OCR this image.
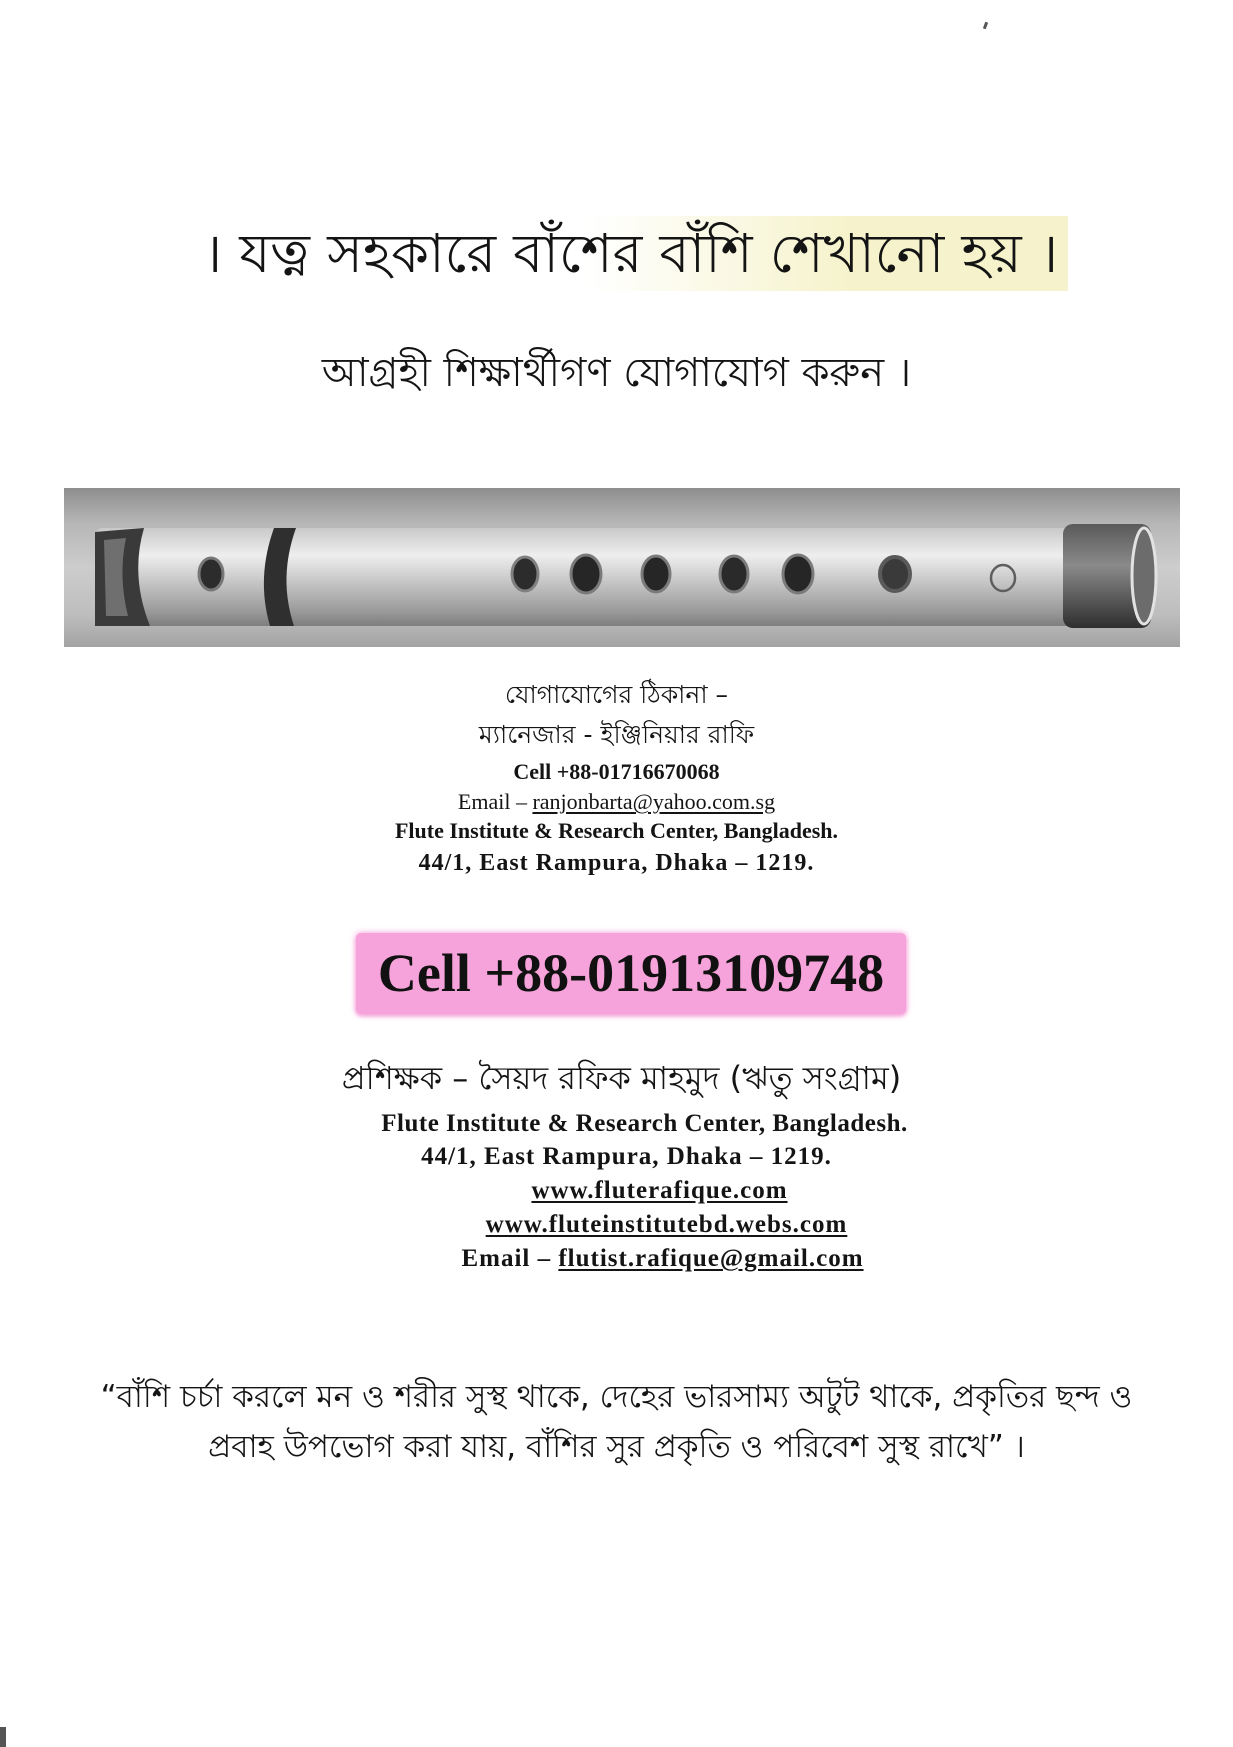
। যত্ন সহকারে বাঁশের বাঁশি শেখানো হয় ।
আগ্রহী শিক্ষার্থীগণ যোগাযোগ করুন ।
যোগাযোগের ঠিকানা –
ম্যানেজার - ইঞ্জিনিয়ার রাফি
Cell +88-01716670068
Email – ranjonbarta@yahoo.com.sg
Flute Institute & Research Center, Bangladesh.
44/1, East Rampura, Dhaka – 1219.
Cell +88-01913109748
প্রশিক্ষক – সৈয়দ রফিক মাহমুদ (ঋতু সংগ্রাম)
Flute Institute & Research Center, Bangladesh.
44/1, East Rampura, Dhaka – 1219.
www.fluterafique.com
www.fluteinstitutebd.webs.com
Email – flutist.rafique@gmail.com
“বাঁশি চর্চা করলে মন ও শরীর সুস্থ থাকে, দেহের ভারসাম্য অটুট থাকে, প্রকৃতির ছন্দ ও
প্রবাহ উপভোগ করা যায়, বাঁশির সুর প্রকৃতি ও পরিবেশ সুস্থ রাখে” ।
